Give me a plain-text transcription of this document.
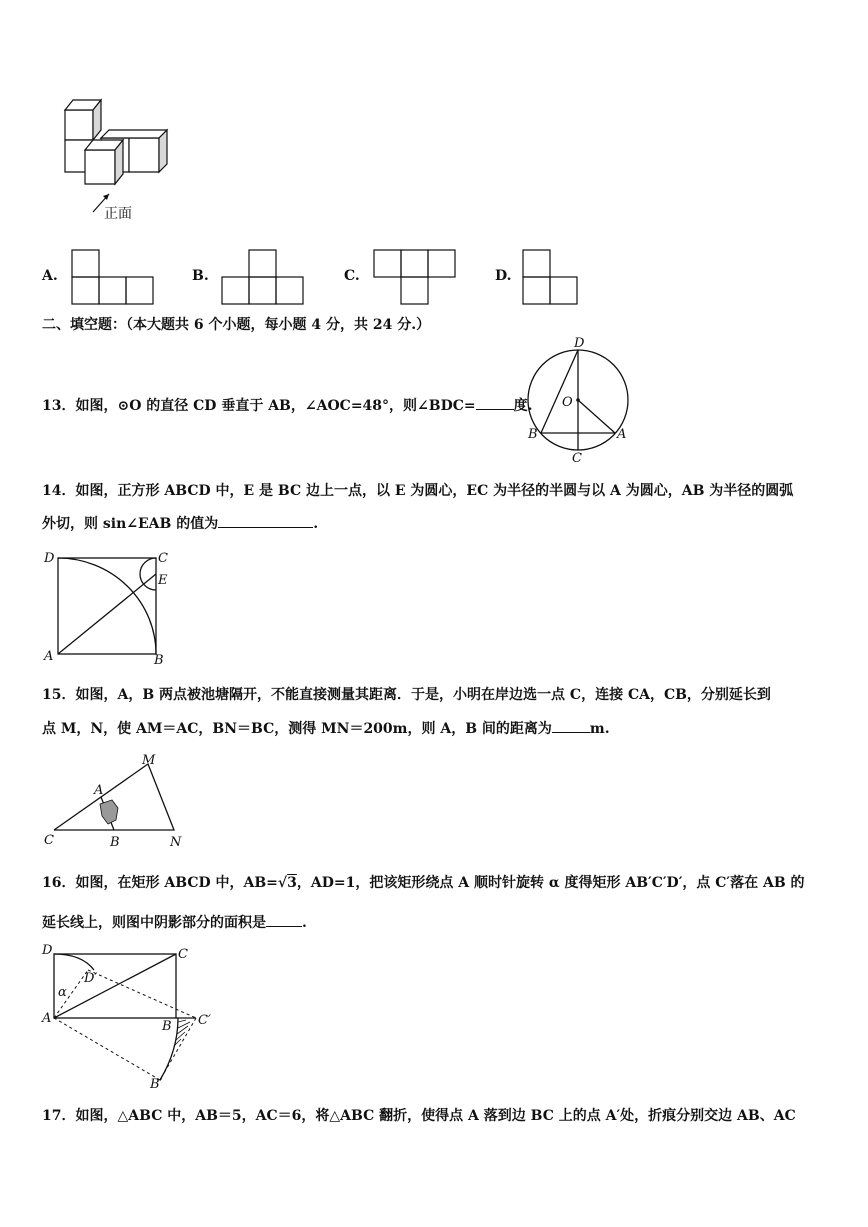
正面
A.	B.	C.	D.
二、填空题：（本大题共 6 个小题，每小题 4 分，共 24 分.）
13．如图，⊙O 的直径 CD 垂直于 AB，∠AOC=48°，则∠BDC=	度.
D
O
B	A
C
14．如图，正方形 ABCD 中，E 是 BC 边上一点，以 E 为圆心，EC 为半径的半圆与以 A 为圆心，AB 为半径的圆弧
外切，则 sin∠EAB 的值为	.
D	C
E
A	B
15．如图，A，B 两点被池塘隔开，不能直接测量其距离．于是，小明在岸边选一点 C，连接 CA，CB，分别延长到
点 M，N，使 AM＝AC，BN＝BC，测得 MN＝200m，则 A，B 间的距离为	m.
M
A
C	B	N
16．如图，在矩形 ABCD 中，AB=√3，AD=1，把该矩形绕点 A 顺时针旋转 α 度得矩形 AB′C′D′，点 C′落在 AB 的
延长线上，则图中阴影部分的面积是	.
D	C
D′
α
A
B C′
B′
17．如图，△ABC 中，AB＝5，AC＝6，将△ABC 翻折，使得点 A 落到边 BC 上的点 A′处，折痕分别交边 AB、AC
